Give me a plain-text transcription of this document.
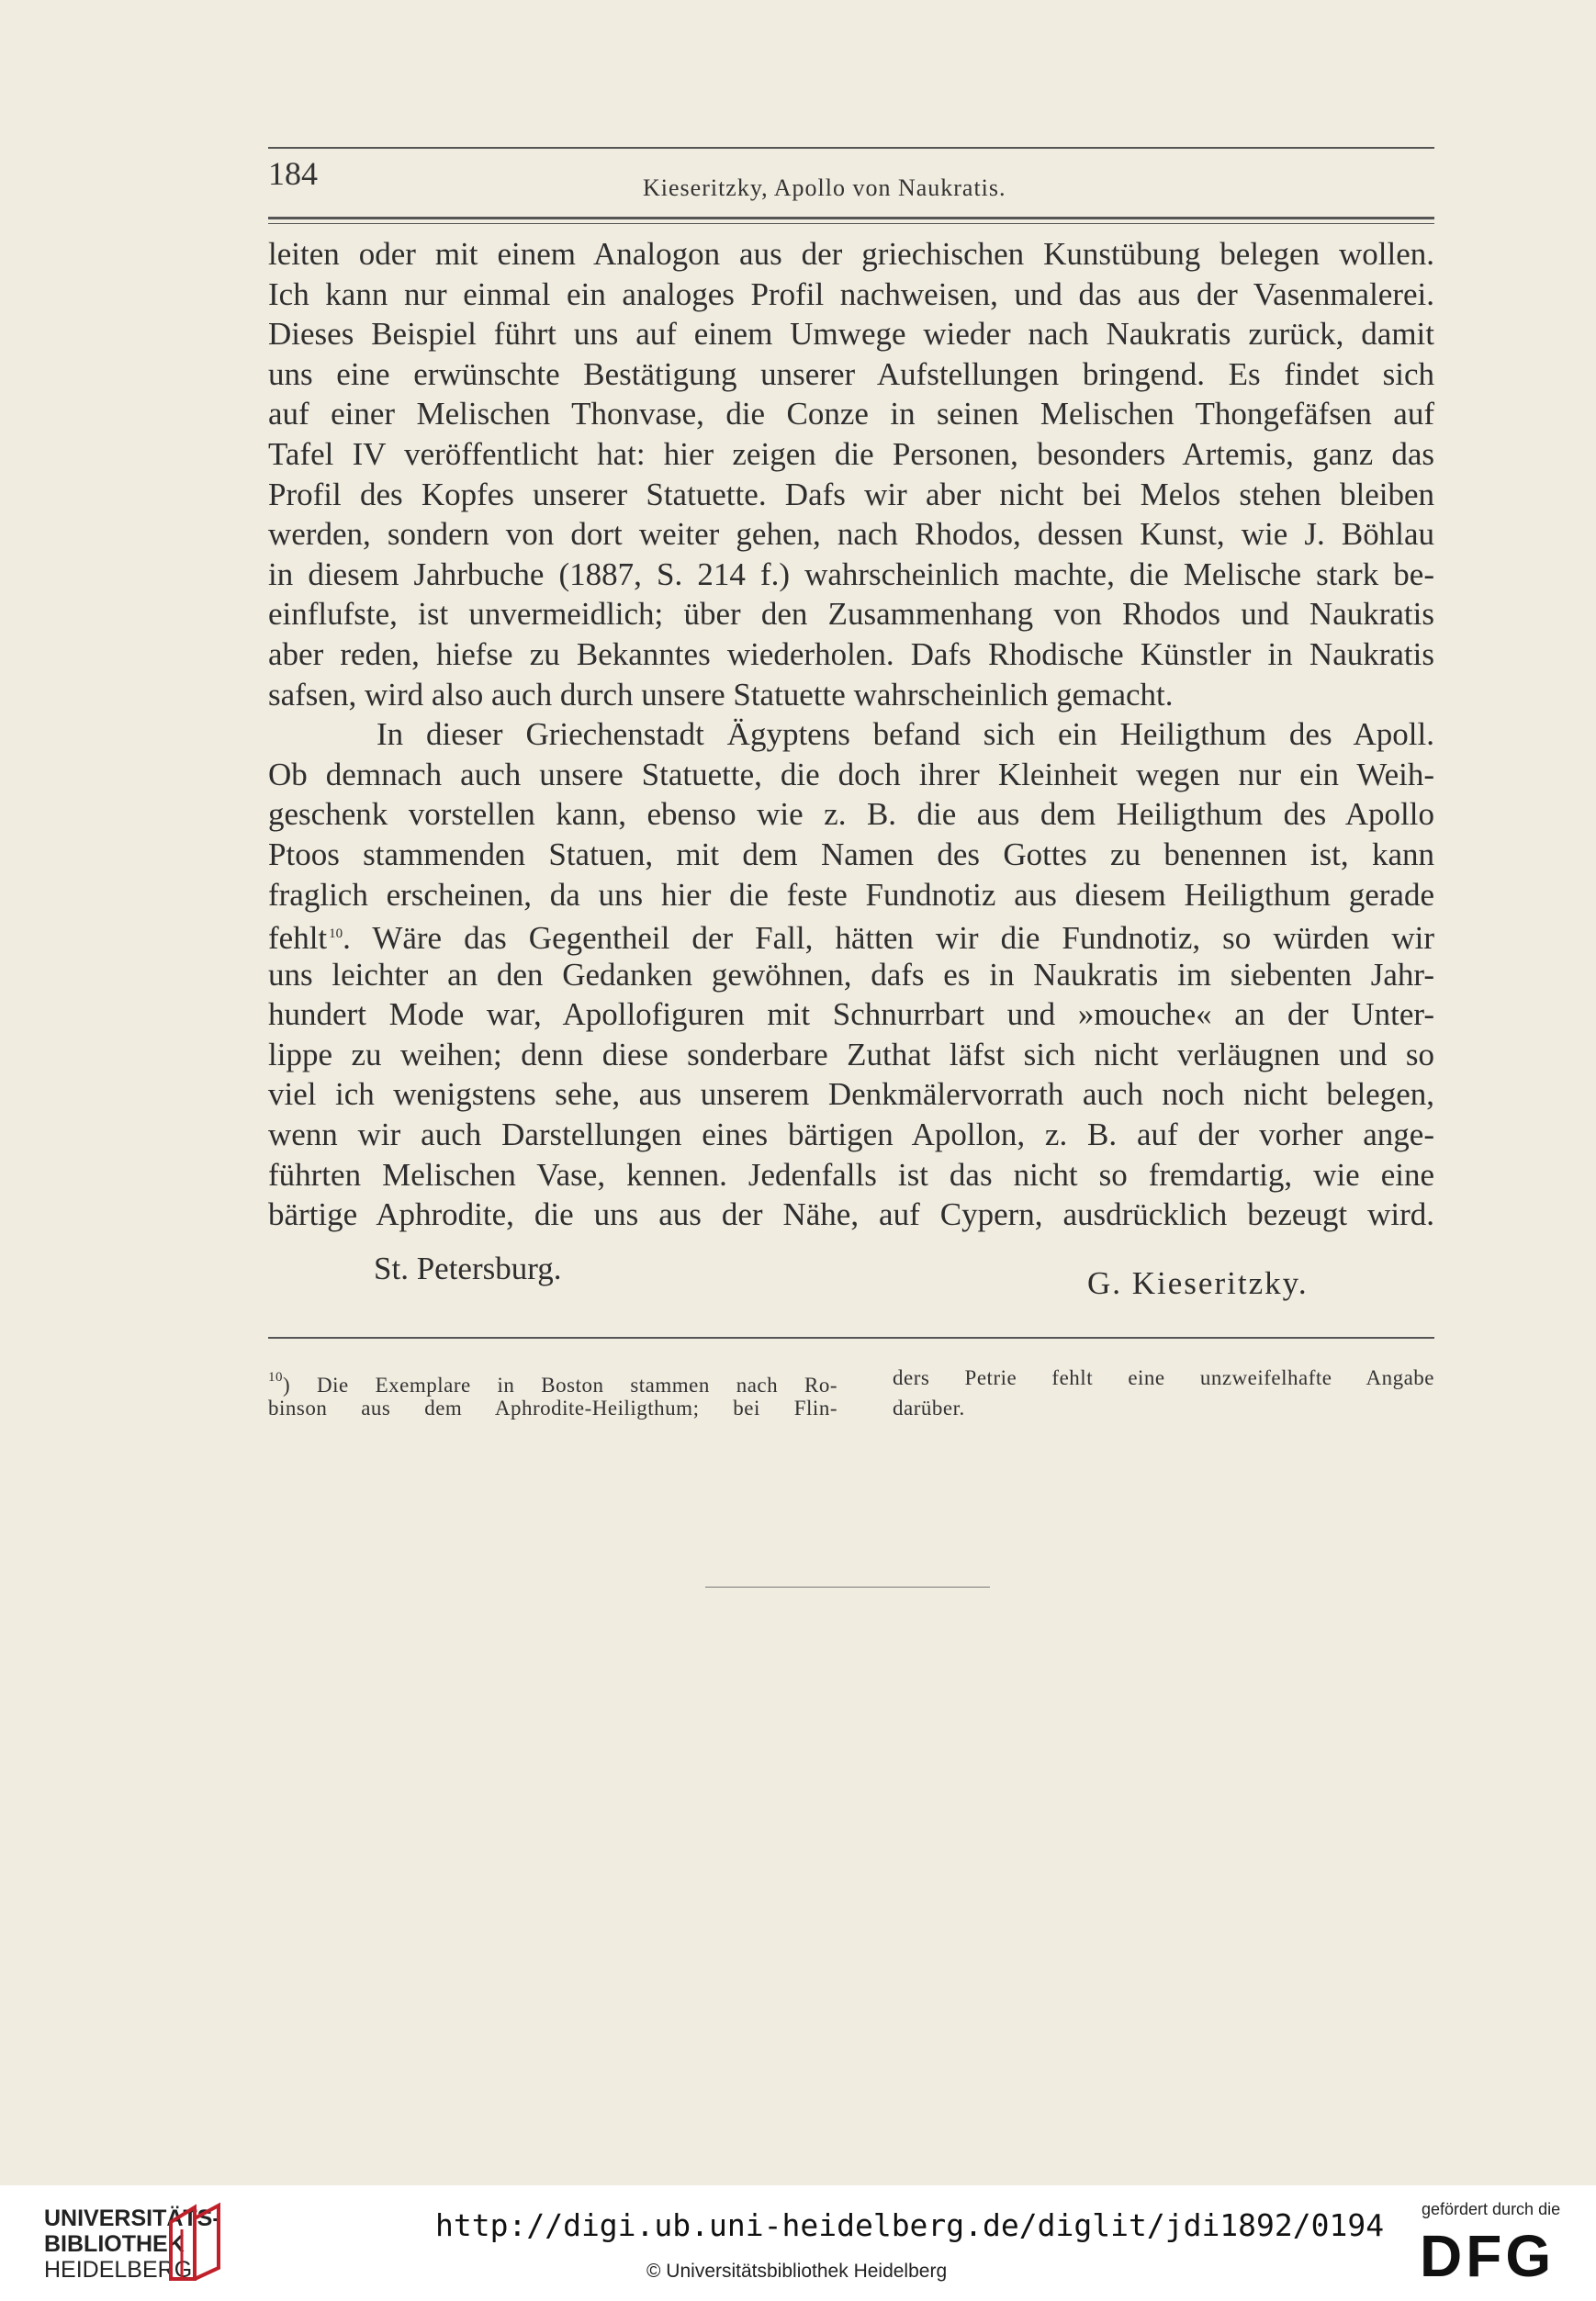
184	Kieseritzky, Apollo von Naukratis.
leiten oder mit einem Analogon aus der griechischen Kunstübung belegen wollen.
Ich kann nur einmal ein analoges Profil nachweisen, und das aus der Vasenmalerei.
Dieses Beispiel führt uns auf einem Umwege wieder nach Naukratis zurück, damit
uns eine erwünschte Bestätigung unserer Aufstellungen bringend. Es findet sich
auf einer Melischen Thonvase, die Conze in seinen Melischen Thongefäfsen auf
Tafel IV veröffentlicht hat: hier zeigen die Personen, besonders Artemis, ganz das
Profil des Kopfes unserer Statuette. Dafs wir aber nicht bei Melos stehen bleiben
werden, sondern von dort weiter gehen, nach Rhodos, dessen Kunst, wie J. Böhlau
in diesem Jahrbuche (1887, S. 214 f.) wahrscheinlich machte, die Melische stark be-
einflufste, ist unvermeidlich; über den Zusammenhang von Rhodos und Naukratis
aber reden, hiefse zu Bekanntes wiederholen. Dafs Rhodische Künstler in Naukratis
safsen, wird also auch durch unsere Statuette wahrscheinlich gemacht.
In dieser Griechenstadt Ägyptens befand sich ein Heiligthum des Apoll.
Ob demnach auch unsere Statuette, die doch ihrer Kleinheit wegen nur ein Weih-
geschenk vorstellen kann, ebenso wie z. B. die aus dem Heiligthum des Apollo
Ptoos stammenden Statuen, mit dem Namen des Gottes zu benennen ist, kann
fraglich erscheinen, da uns hier die feste Fundnotiz aus diesem Heiligthum gerade
fehlt $^{10}$. Wäre das Gegentheil der Fall, hätten wir die Fundnotiz, so würden wir
uns leichter an den Gedanken gewöhnen, dafs es in Naukratis im siebenten Jahr-
hundert Mode war, Apollofiguren mit Schnurrbart und »mouche« an der Unter-
lippe zu weihen; denn diese sonderbare Zuthat läfst sich nicht verläugnen und so
viel ich wenigstens sehe, aus unserem Denkmälervorrath auch noch nicht belegen,
wenn wir auch Darstellungen eines bärtigen Apollon, z. B. auf der vorher ange-
führten Melischen Vase, kennen. Jedenfalls ist das nicht so fremdartig, wie eine
bärtige Aphrodite, die uns aus der Nähe, auf Cypern, ausdrücklich bezeugt wird.
St. Petersburg.	G. Kieseritzky.
$^{10}$) Die Exemplare in Boston stammen nach Ro-
binson aus dem Aphrodite-Heiligthum; bei Flin-
ders Petrie fehlt eine unzweifelhafte Angabe
darüber.
UNIVERSITÄTS-
BIBLIOTHEK
HEIDELBERG
http://digi.ub.uni-heidelberg.de/diglit/jdi1892/0194
© Universitätsbibliothek Heidelberg
gefördert durch die
DFG
